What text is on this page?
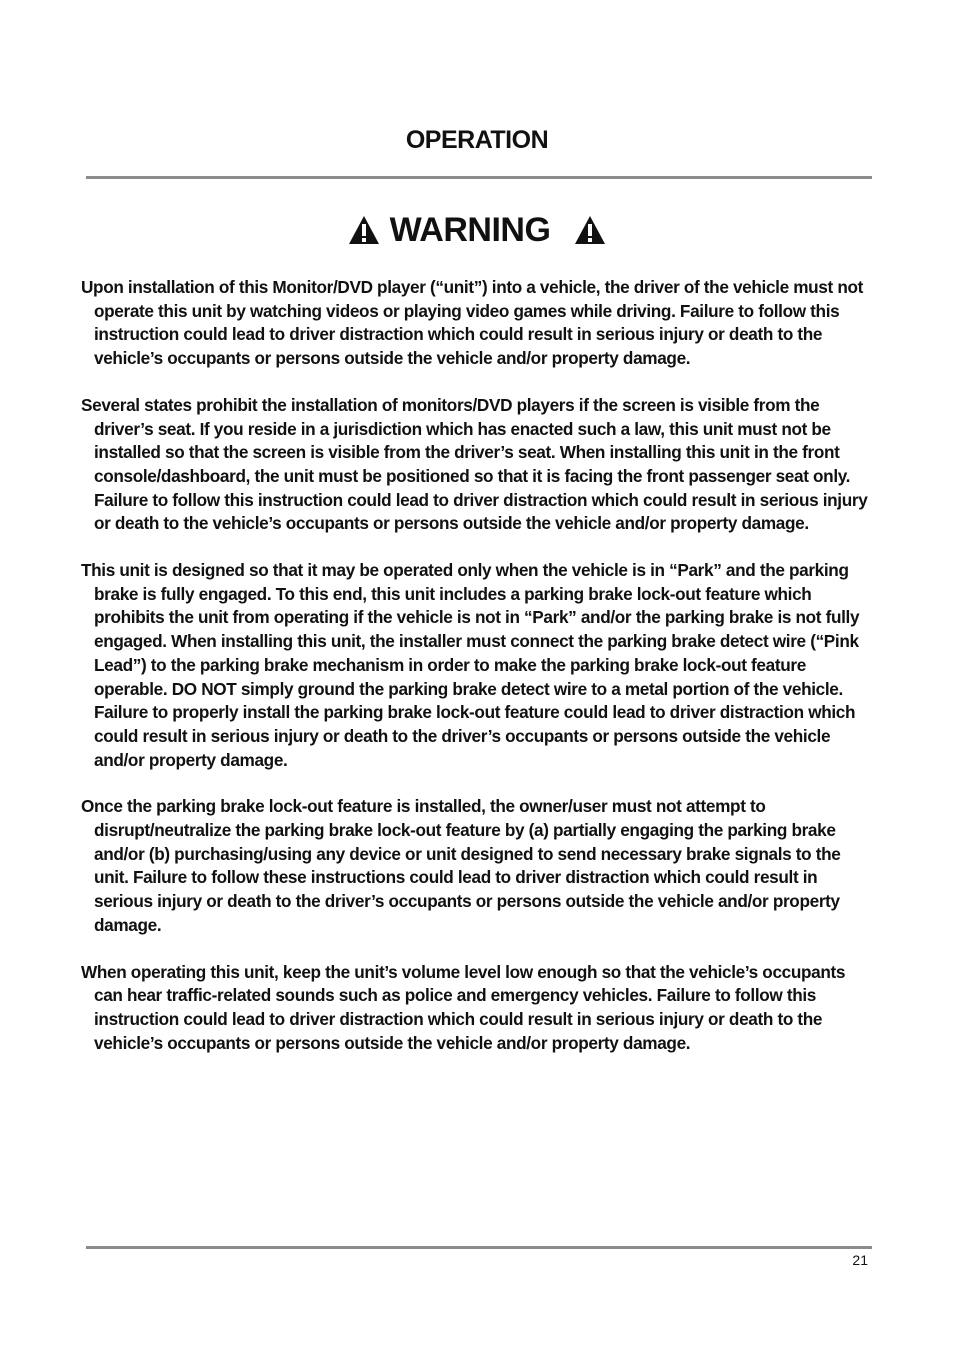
OPERATION
WARNING

Upon installation of this Monitor/DVD player (“unit”) into a vehicle, the driver of the vehicle must not operate this unit by watching videos or playing video games while driving. Failure to follow this instruction could lead to driver distraction which could result in serious injury or death to the vehicle’s occupants or persons outside the vehicle and/or property damage.

Several states prohibit the installation of monitors/DVD players if the screen is visible from the driver’s seat. If you reside in a jurisdiction which has enacted such a law, this unit must not be installed so that the screen is visible from the driver’s seat. When installing this unit in the front console/dashboard, the unit must be positioned so that it is facing the front passenger seat only. Failure to follow this instruction could lead to driver distraction which could result in serious injury or death to the vehicle’s occupants or persons outside the vehicle and/or property damage.

This unit is designed so that it may be operated only when the vehicle is in “Park” and the parking brake is fully engaged. To this end, this unit includes a parking brake lock-out feature which prohibits the unit from operating if the vehicle is not in “Park” and/or the parking brake is not fully engaged. When installing this unit, the installer must connect the parking brake detect wire (“Pink Lead”) to the parking brake mechanism in order to make the parking brake lock-out feature operable. DO NOT simply ground the parking brake detect wire to a metal portion of the vehicle. Failure to properly install the parking brake lock-out feature could lead to driver distraction which could result in serious injury or death to the driver’s occupants or persons outside the vehicle and/or property damage.

Once the parking brake lock-out feature is installed, the owner/user must not attempt to disrupt/neutralize the parking brake lock-out feature by (a) partially engaging the parking brake and/or (b) purchasing/using any device or unit designed to send necessary brake signals to the unit. Failure to follow these instructions could lead to driver distraction which could result in serious injury or death to the driver’s occupants or persons outside the vehicle and/or property damage.

When operating this unit, keep the unit’s volume level low enough so that the vehicle’s occupants can hear traffic-related sounds such as police and emergency vehicles. Failure to follow this instruction could lead to driver distraction which could result in serious injury or death to the vehicle’s occupants or persons outside the vehicle and/or property damage.

21
